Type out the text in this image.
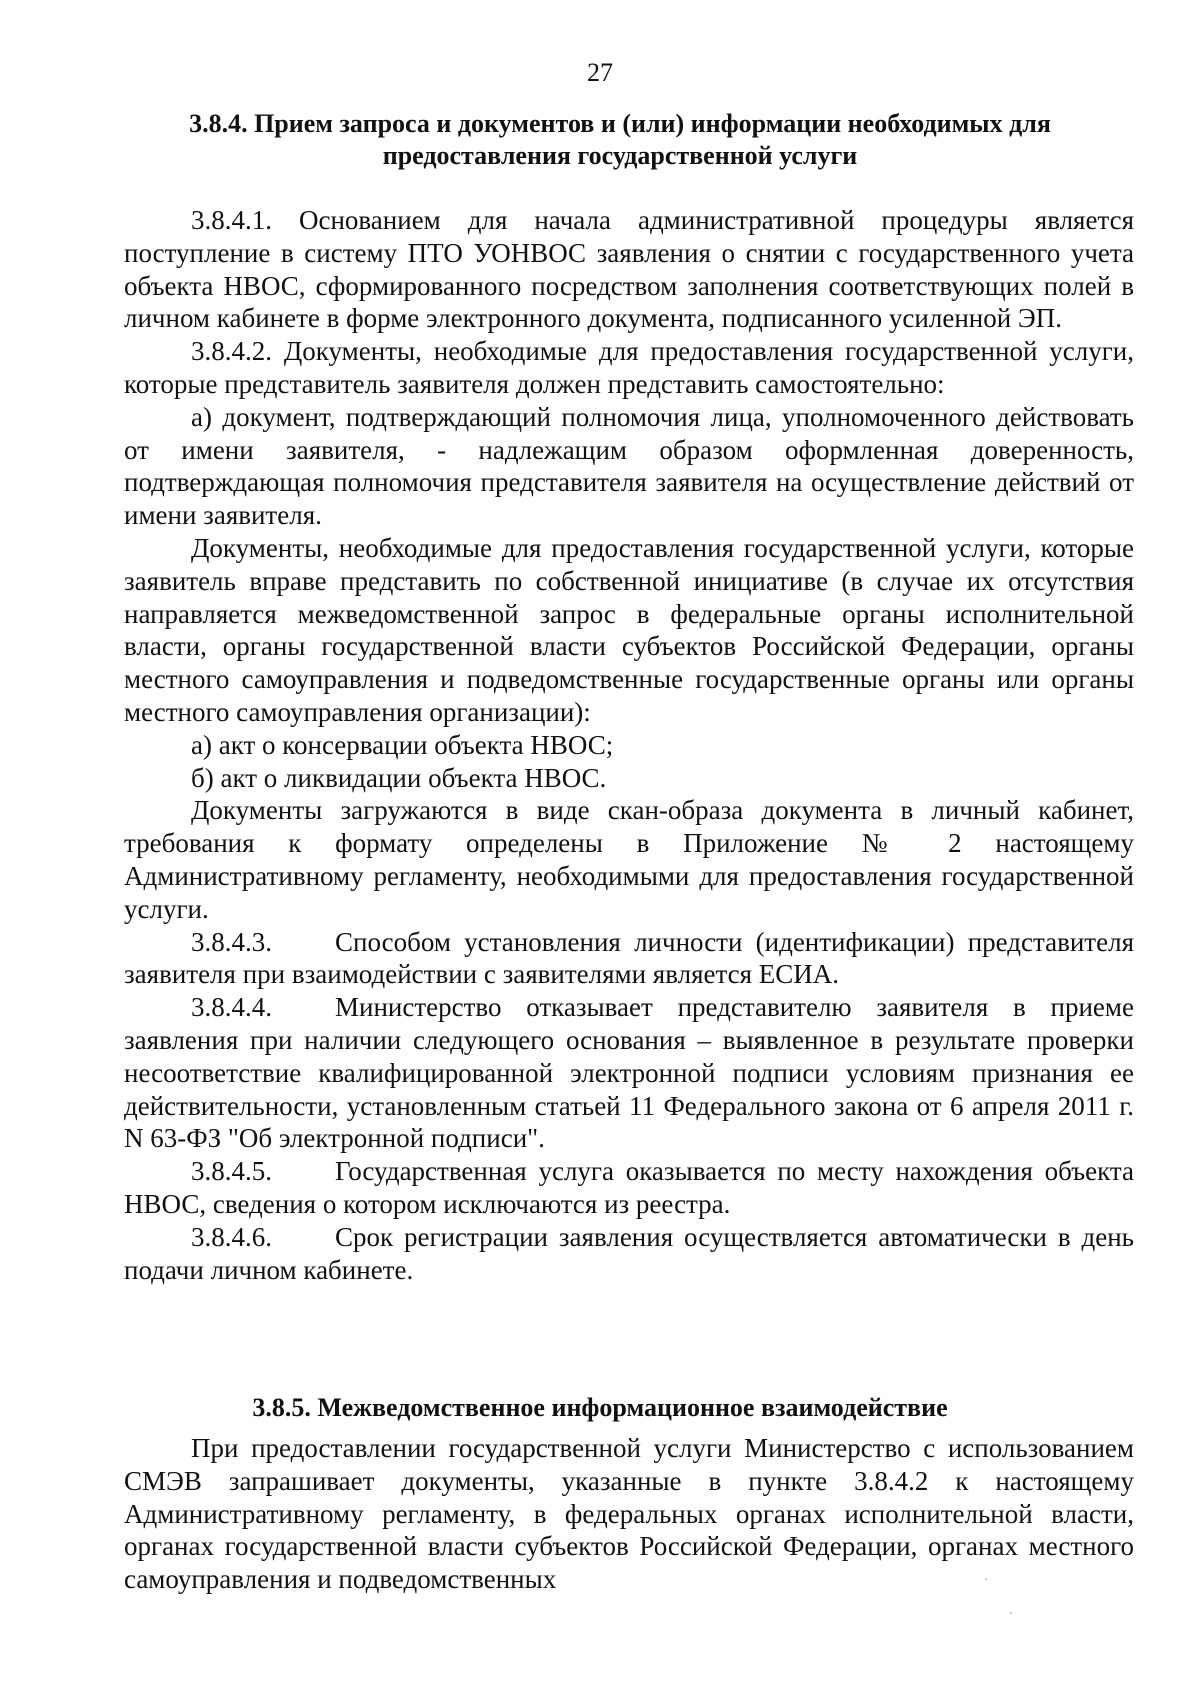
27
3.8.4. Прием запроса и документов и (или) информации необходимых для предоставления государственной услуги

3.8.4.1. Основанием для начала административной процедуры является поступление в систему ПТО УОНВОС заявления о снятии с государственного учета объекта НВОС, сформированного посредством заполнения соответствующих полей в личном кабинете в форме электронного документа, подписанного усиленной ЭП.

3.8.4.2. Документы, необходимые для предоставления государственной услуги, которые представитель заявителя должен представить самостоятельно:

а) документ, подтверждающий полномочия лица, уполномоченного действовать от имени заявителя, - надлежащим образом оформленная доверенность, подтверждающая полномочия представителя заявителя на осуществление действий от имени заявителя.

Документы, необходимые для предоставления государственной услуги, которые заявитель вправе представить по собственной инициативе (в случае их отсутствия направляется межведомственной запрос в федеральные органы исполнительной власти, органы государственной власти субъектов Российской Федерации, органы местного самоуправления и подведомственные государственные органы или органы местного самоуправления организации):

а) акт о консервации объекта НВОС;

б) акт о ликвидации объекта НВОС.

Документы загружаются в виде скан-образа документа в личный кабинет, требования к формату определены в Приложение № 2 настоящему Административному регламенту, необходимыми для предоставления государственной услуги.

3.8.4.3. Способом установления личности (идентификации) представителя заявителя при взаимодействии с заявителями является ЕСИА.

3.8.4.4. Министерство отказывает представителю заявителя в приеме заявления при наличии следующего основания – выявленное в результате проверки несоответствие квалифицированной электронной подписи условиям признания ее действительности, установленным статьей 11 Федерального закона от 6 апреля 2011 г. N 63-ФЗ "Об электронной подписи".

3.8.4.5. Государственная услуга оказывается по месту нахождения объекта НВОС, сведения о котором исключаются из реестра.

3.8.4.6. Срок регистрации заявления осуществляется автоматически в день подачи личном кабинете.

3.8.5. Межведомственное информационное взаимодействие

При предоставлении государственной услуги Министерство с использованием СМЭВ запрашивает документы, указанные в пункте 3.8.4.2 к настоящему Административному регламенту, в федеральных органах исполнительной власти, органах государственной власти субъектов Российской Федерации, органах местного самоуправления и подведомственных
